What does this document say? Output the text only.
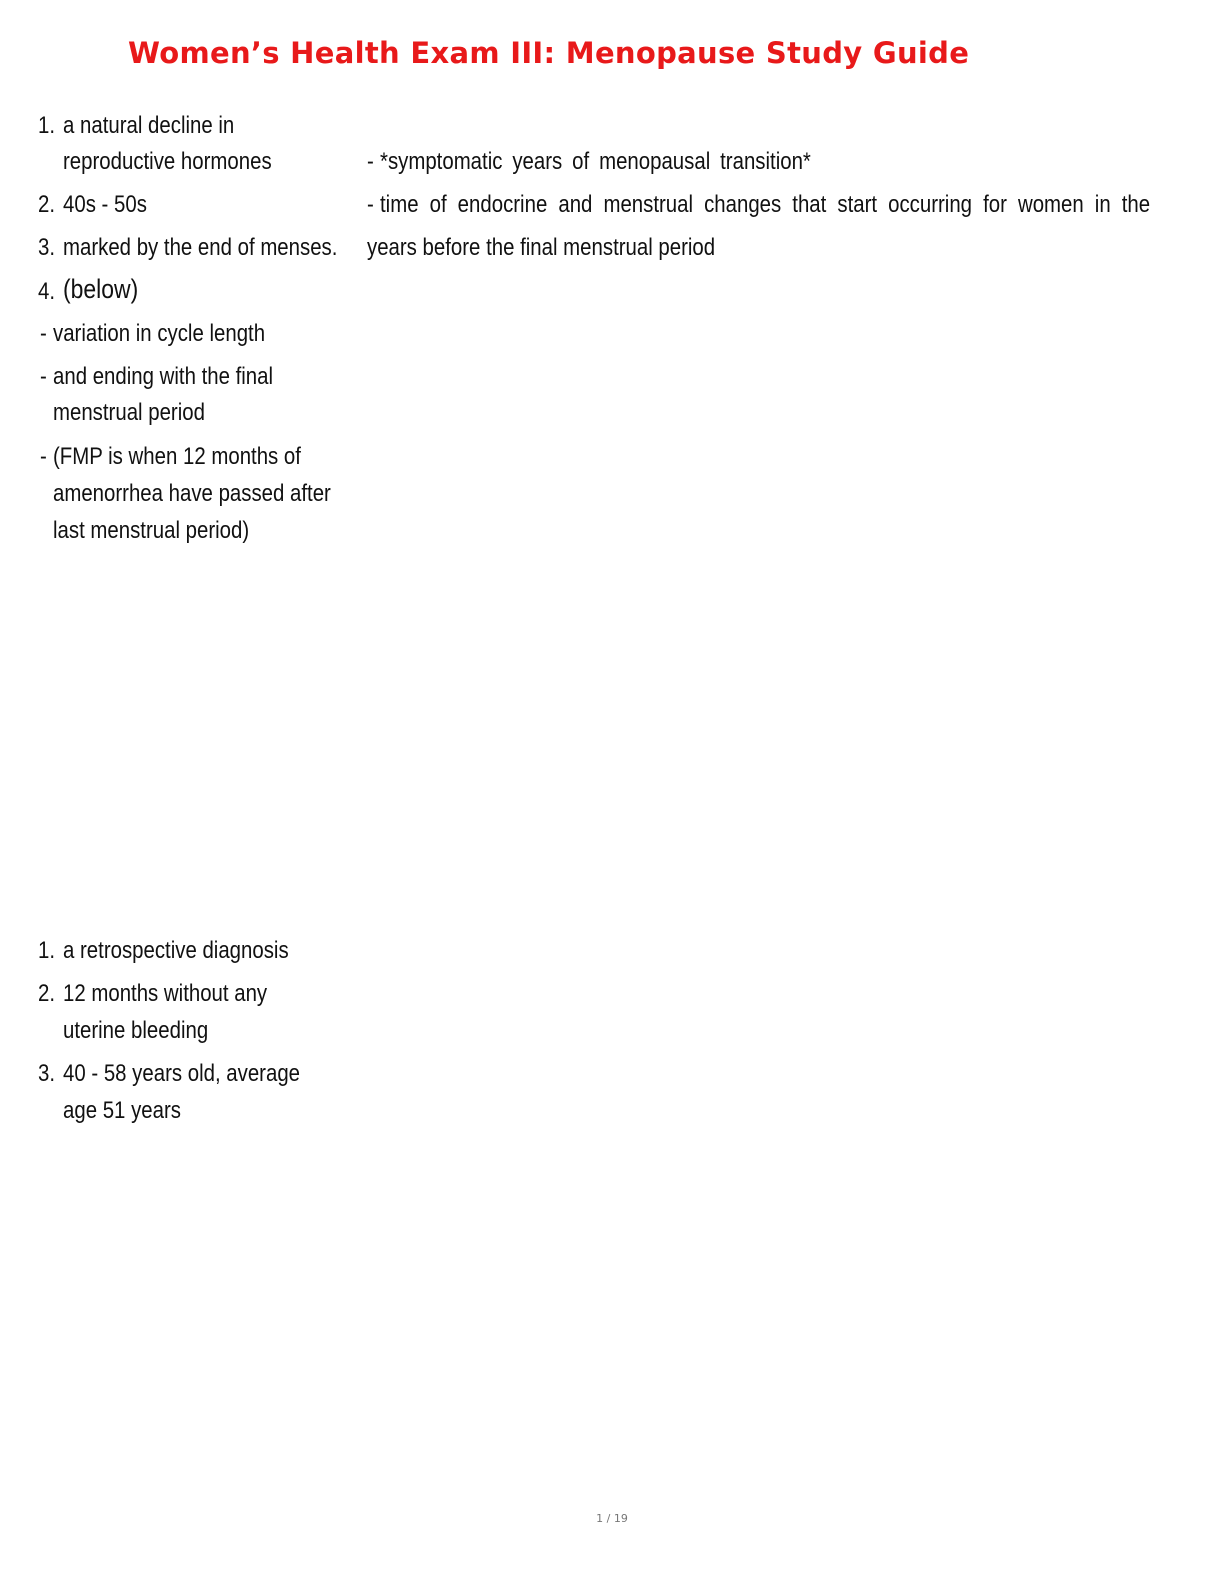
Women’s Health Exam III: Menopause Study Guide
1. a natural decline in
reproductive hormones
2. 40s - 50s
3. marked by the end of menses.
4. (below)
- variation in cycle length
- and ending with the final
menstrual period
- (FMP is when 12 months of
amenorrhea have passed after
last menstrual period)
- *symptomatic years of menopausal transition*
- time of endocrine and menstrual changes that start occurring for women in the
years before the final menstrual period
1. a retrospective diagnosis
2. 12 months without any
uterine bleeding
3. 40 - 58 years old, average
age 51 years
1 / 19
